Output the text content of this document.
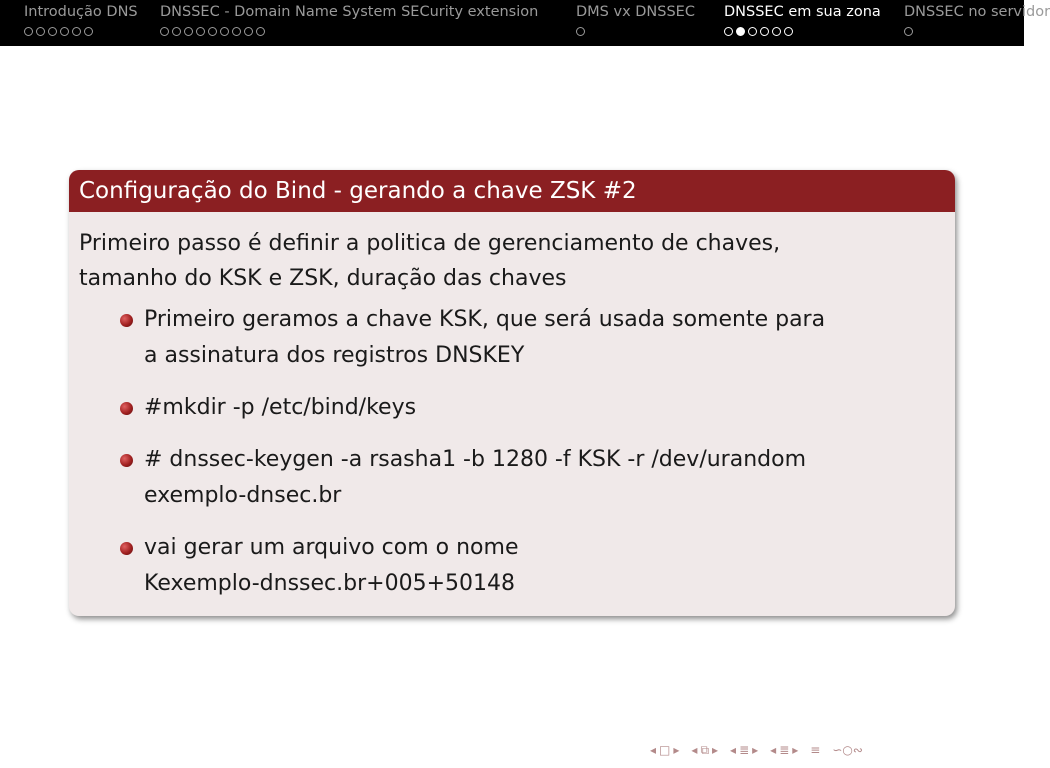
Introdução DNS DNSSEC - Domain Name System SECurity extension	DMS vx DNSSEC DNSSEC em sua zona DNSSEC no servidor
Configuração do Bind - gerando a chave ZSK #2

Primeiro passo é definir a politica de gerenciamento de chaves,
tamanho do KSK e ZSK, duração das chaves

Primeiro geramos a chave KSK, que será usada somente para
a assinatura dos registros DNSKEY
#mkdir -p /etc/bind/keys
# dnssec-keygen -a rsasha1 -b 1280 -f KSK -r /dev/urandom
exemplo-dnsec.br
vai gerar um arquivo com o nome
Kexemplo-dnssec.br+005+50148
◂ □ ▸ ◂ ⧉ ▸ ◂ ≣ ▸ ◂ ≣ ▸ ≡ ∽○∾
